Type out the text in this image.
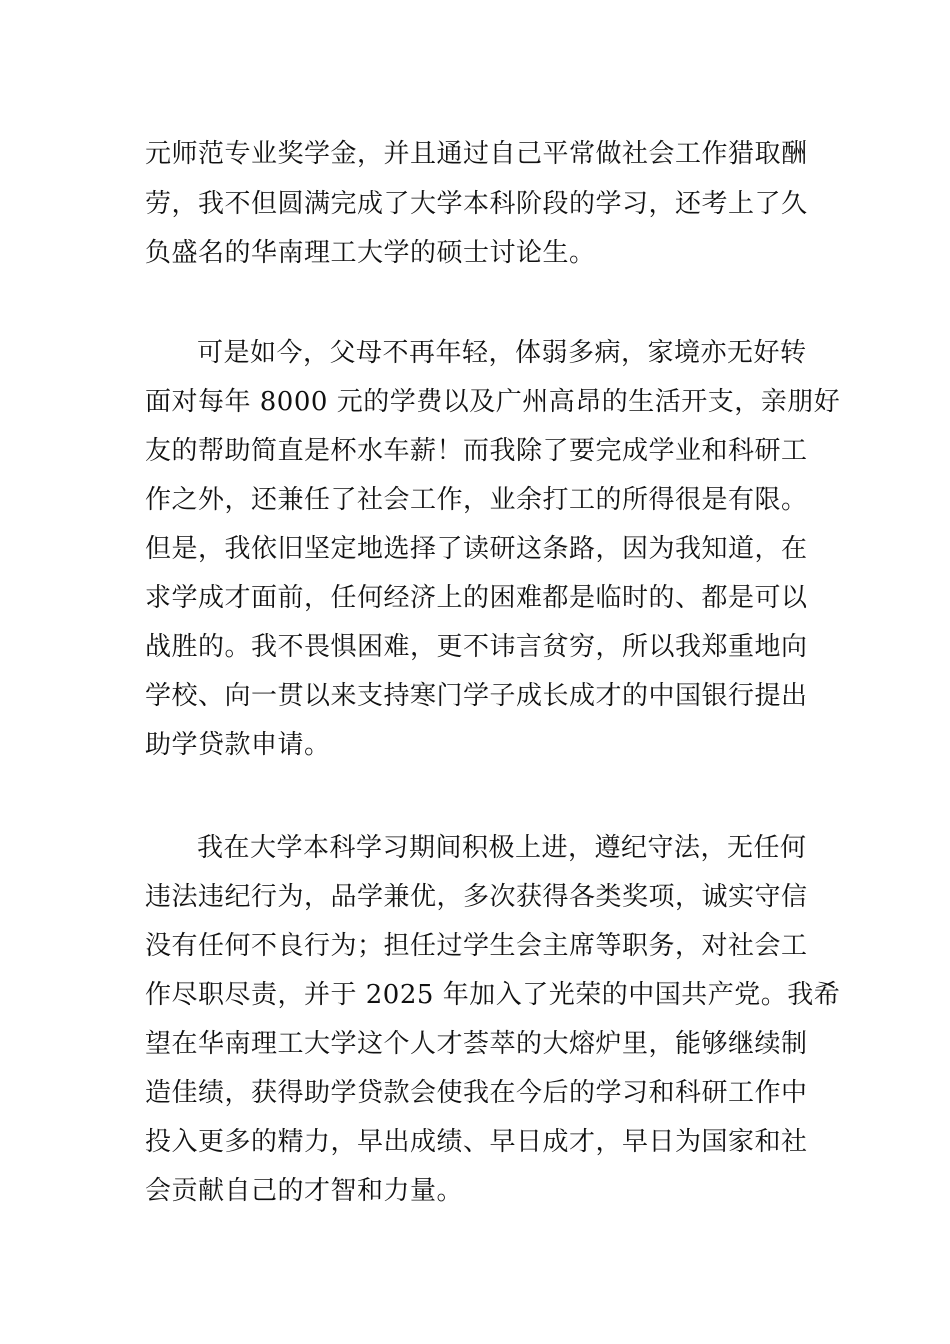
元师范专业奖学金，并且通过自己平常做社会工作猎取酬
劳，我不但圆满完成了大学本科阶段的学习，还考上了久
负盛名的华南理工大学的硕士讨论生。
可是如今，父母不再年轻，体弱多病，家境亦无好转
面对每年 8000 元的学费以及广州高昂的生活开支，亲朋好
友的帮助简直是杯水车薪！而我除了要完成学业和科研工
作之外，还兼任了社会工作，业余打工的所得很是有限。
但是，我依旧坚定地选择了读研这条路，因为我知道，在
求学成才面前，任何经济上的困难都是临时的、都是可以
战胜的。我不畏惧困难，更不讳言贫穷，所以我郑重地向
学校、向一贯以来支持寒门学子成长成才的中国银行提出
助学贷款申请。
我在大学本科学习期间积极上进，遵纪守法，无任何
违法违纪行为，品学兼优，多次获得各类奖项，诚实守信
没有任何不良行为；担任过学生会主席等职务，对社会工
作尽职尽责，并于 2025 年加入了光荣的中国共产党。我希
望在华南理工大学这个人才荟萃的大熔炉里，能够继续制
造佳绩，获得助学贷款会使我在今后的学习和科研工作中
投入更多的精力，早出成绩、早日成才，早日为国家和社
会贡献自己的才智和力量。
